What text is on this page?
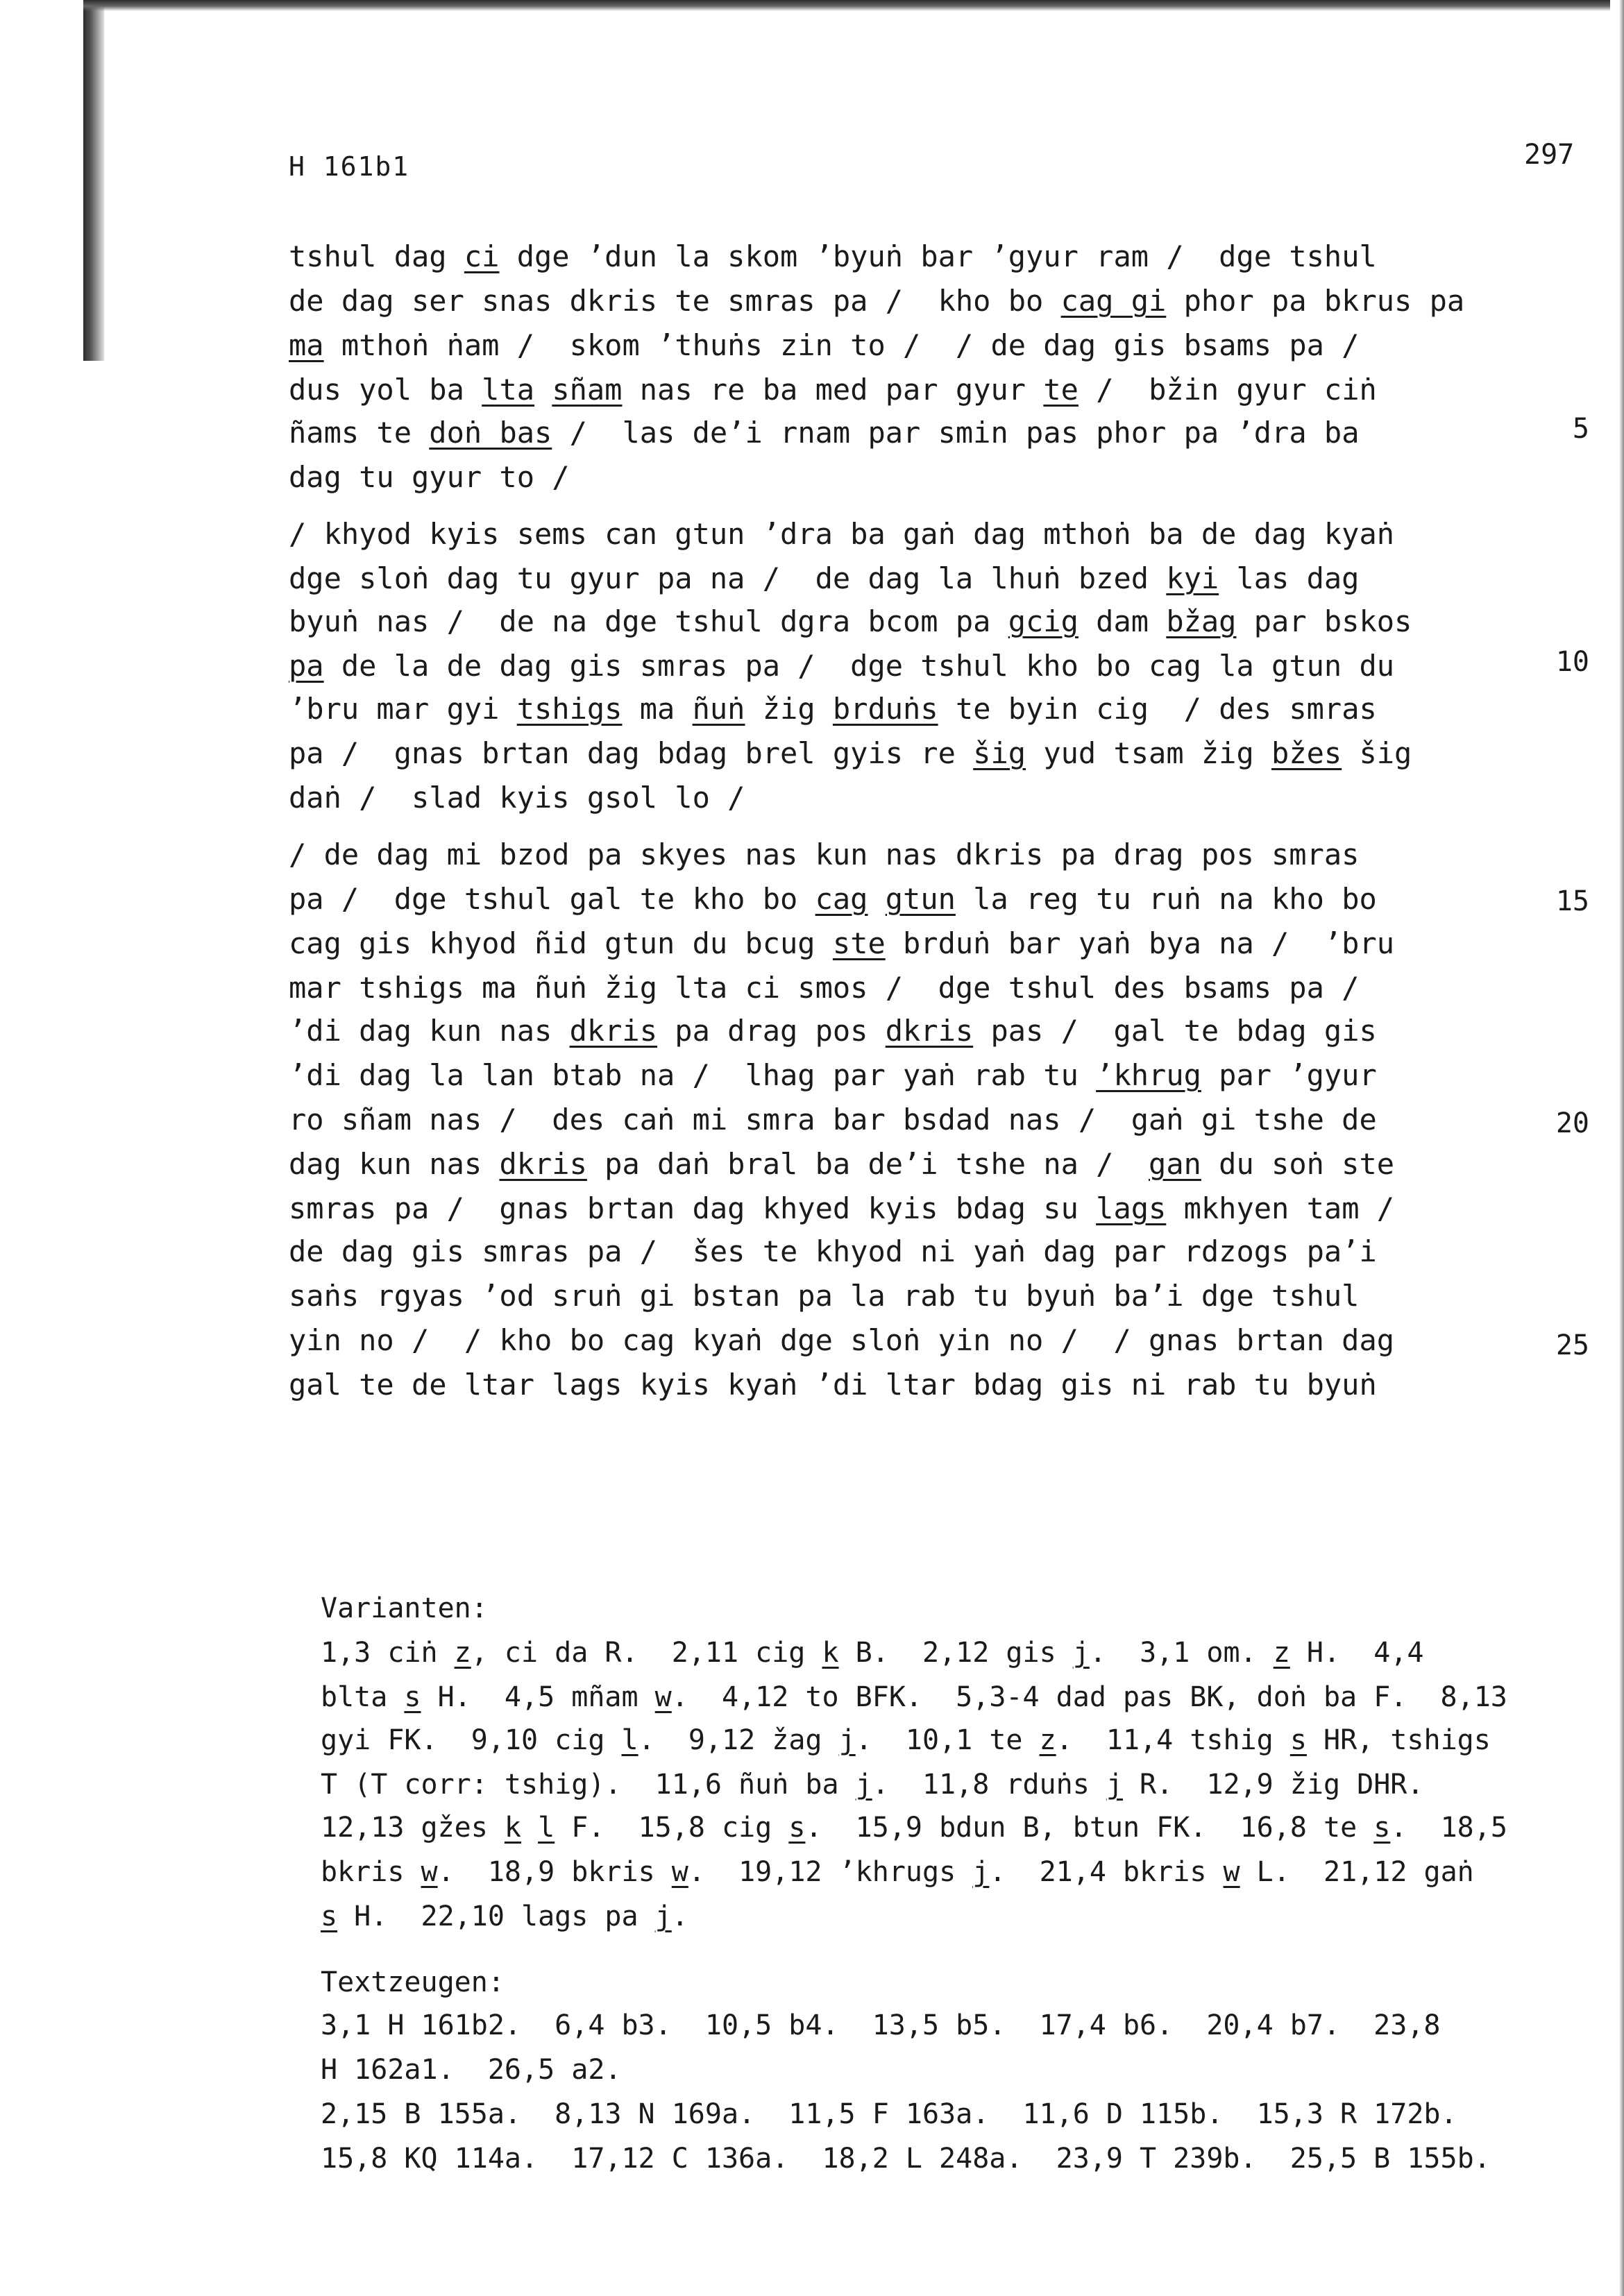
H 161b1	297

tshul dag ci dge ’dun la skom ’byuṅ bar ’gyur ram /  dge tshul

de dag ser snas dkris te smras pa /  kho bo cag gi phor pa bkrus pa

ma mthoṅ ṅam /  skom ’thuṅs zin to /  / de dag gis bsams pa /

dus yol ba lta sñam nas re ba med par gyur te /  bžin gyur ciṅ

ñams te doṅ bas /  las de’i rnam par smin pas phor pa ’dra ba

dag tu gyur to /

/ khyod kyis sems can gtun ’dra ba gaṅ dag mthoṅ ba de dag kyaṅ

dge sloṅ dag tu gyur pa na /  de dag la lhuṅ bzed kyi las dag

byuṅ nas /  de na dge tshul dgra bcom pa gcig dam bžag par bskos

pa de la de dag gis smras pa /  dge tshul kho bo cag la gtun du

’bru mar gyi tshigs ma ñuṅ žig brduṅs te byin cig  / des smras

pa /  gnas brtan dag bdag brel gyis re šig yud tsam žig bžes šig

daṅ /  slad kyis gsol lo /

/ de dag mi bzod pa skyes nas kun nas dkris pa drag pos smras

pa /  dge tshul gal te kho bo cag gtun la reg tu ruṅ na kho bo

cag gis khyod ñid gtun du bcug ste brduṅ bar yaṅ bya na /  ’bru

mar tshigs ma ñuṅ žig lta ci smos /  dge tshul des bsams pa /

’di dag kun nas dkris pa drag pos dkris pas /  gal te bdag gis

’di dag la lan btab na /  lhag par yaṅ rab tu ’khrug par ’gyur

ro sñam nas /  des caṅ mi smra bar bsdad nas /  gaṅ gi tshe de

dag kun nas dkris pa daṅ bral ba de’i tshe na /  gan du soṅ ste

smras pa /  gnas brtan dag khyed kyis bdag su lags mkhyen tam /

de dag gis smras pa /  šes te khyod ni yaṅ dag par rdzogs pa’i

saṅs rgyas ’od sruṅ gi bstan pa la rab tu byuṅ ba’i dge tshul

yin no /  / kho bo cag kyaṅ dge sloṅ yin no /  / gnas brtan dag

gal te de ltar lags kyis kyaṅ ’di ltar bdag gis ni rab tu byuṅ

5
10
15
20
25

Varianten:

1,3 ciṅ z, ci da R.  2,11 cig k B.  2,12 gis j.  3,1 om. z H.  4,4

blta s H.  4,5 mñam w.  4,12 to BFK.  5,3-4 dad pas BK, doṅ ba F.  8,13

gyi FK.  9,10 cig l.  9,12 žag j.  10,1 te z.  11,4 tshig s HR, tshigs

T (T corr: tshig).  11,6 ñuṅ ba j.  11,8 rduṅs j R.  12,9 žig DHR.

12,13 gžes k l F.  15,8 cig s.  15,9 bdun B, btun FK.  16,8 te s.  18,5

bkris w.  18,9 bkris w.  19,12 ’khrugs j.  21,4 bkris w L.  21,12 gaṅ

s H.  22,10 lags pa j.

Textzeugen:

3,1 H 161b2.  6,4 b3.  10,5 b4.  13,5 b5.  17,4 b6.  20,4 b7.  23,8

H 162a1.  26,5 a2.

2,15 B 155a.  8,13 N 169a.  11,5 F 163a.  11,6 D 115b.  15,3 R 172b.

15,8 KQ 114a.  17,12 C 136a.  18,2 L 248a.  23,9 T 239b.  25,5 B 155b.
